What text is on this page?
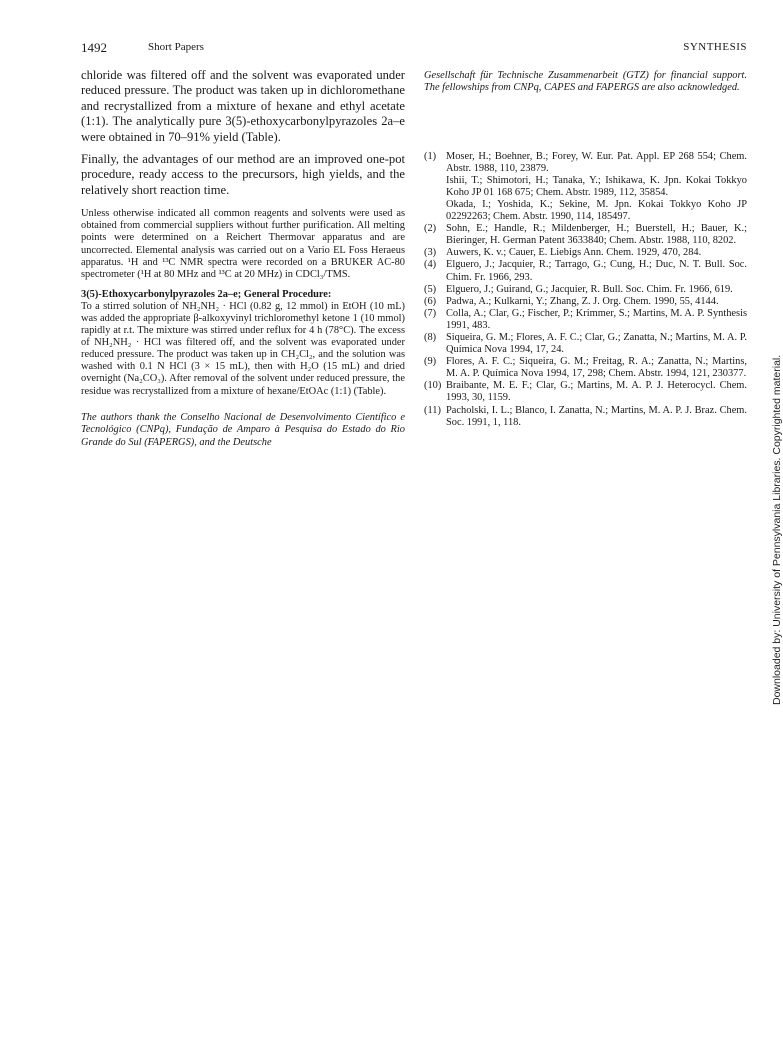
1492	Short Papers	SYNTHESIS

chloride was filtered off and the solvent was evaporated under reduced pressure. The product was taken up in dichloromethane and recrystallized from a mixture of hexane and ethyl acetate (1:1). The analytically pure 3(5)-ethoxycarbonylpyrazoles 2a–e were obtained in 70–91% yield (Table).

Finally, the advantages of our method are an improved one-pot procedure, ready access to the precursors, high yields, and the relatively short reaction time.

Unless otherwise indicated all common reagents and solvents were used as obtained from commercial suppliers without further purification. All melting points were determined on a Reichert Thermovar apparatus and are uncorrected. Elemental analysis was carried out on a Vario EL Foss Heraeus apparatus. ¹H and ¹³C NMR spectra were recorded on a BRUKER AC-80 spectrometer (¹H at 80 MHz and ¹³C at 20 MHz) in CDCl₃/TMS.

3(5)-Ethoxycarbonylpyrazoles 2a–e; General Procedure:
To a stirred solution of NH₂NH₂ · HCl (0.82 g, 12 mmol) in EtOH (10 mL) was added the appropriate β-alkoxyvinyl trichloromethyl ketone 1 (10 mmol) rapidly at r.t. The mixture was stirred under reflux for 4 h (78°C). The excess of NH₂NH₂ · HCl was filtered off, and the solvent was evaporated under reduced pressure. The product was taken up in CH₂Cl₂, and the solution was washed with 0.1 N HCl (3 × 15 mL), then with H₂O (15 mL) and dried overnight (Na₂CO₃). After removal of the solvent under reduced pressure, the residue was recrystallized from a mixture of hexane/EtOAc (1:1) (Table).

The authors thank the Conselho Nacional de Desenvolvimento Científico e Tecnológico (CNPq), Fundação de Amparo à Pesquisa do Estado do Rio Grande do Sul (FAPERGS), and the Deutsche

Gesellschaft für Technische Zusammenarbeit (GTZ) for financial support. The fellowships from CNPq, CAPES and FAPERGS are also acknowledged.

(1) Moser, H.; Boehner, B.; Forey, W. Eur. Pat. Appl. EP 268 554; Chem. Abstr. 1988, 110, 23879.
Ishii, T.; Shimotori, H.; Tanaka, Y.; Ishikawa, K. Jpn. Kokai Tokkyo Koho JP 01 168 675; Chem. Abstr. 1989, 112, 35854.
Okada, I.; Yoshida, K.; Sekine, M. Jpn. Kokai Tokkyo Koho JP 02292263; Chem. Abstr. 1990, 114, 185497.
(2) Sohn, E.; Handle, R.; Mildenberger, H.; Buerstell, H.; Bauer, K.; Bieringer, H. German Patent 3633840; Chem. Abstr. 1988, 110, 8202.
(3) Auwers, K. v.; Cauer, E. Liebigs Ann. Chem. 1929, 470, 284.
(4) Elguero, J.; Jacquier, R.; Tarrago, G.; Cung, H.; Duc, N. T. Bull. Soc. Chim. Fr. 1966, 293.
(5) Elguero, J.; Guirand, G.; Jacquier, R. Bull. Soc. Chim. Fr. 1966, 619.
(6) Padwa, A.; Kulkarni, Y.; Zhang, Z. J. Org. Chem. 1990, 55, 4144.
(7) Colla, A.; Clar, G.; Fischer, P.; Krimmer, S.; Martins, M. A. P. Synthesis 1991, 483.
(8) Siqueira, G. M.; Flores, A. F. C.; Clar, G.; Zanatta, N.; Martins, M. A. P. Química Nova 1994, 17, 24.
(9) Flores, A. F. C.; Siqueira, G. M.; Freitag, R. A.; Zanatta, N.; Martins, M. A. P. Química Nova 1994, 17, 298; Chem. Abstr. 1994, 121, 230377.
(10) Braibante, M. E. F.; Clar, G.; Martins, M. A. P. J. Heterocycl. Chem. 1993, 30, 1159.
(11) Pacholski, I. L.; Blanco, I. Zanatta, N.; Martins, M. A. P. J. Braz. Chem. Soc. 1991, 1, 118.	Downloaded by: University of Pennsylvania Libraries. Copyrighted material.
